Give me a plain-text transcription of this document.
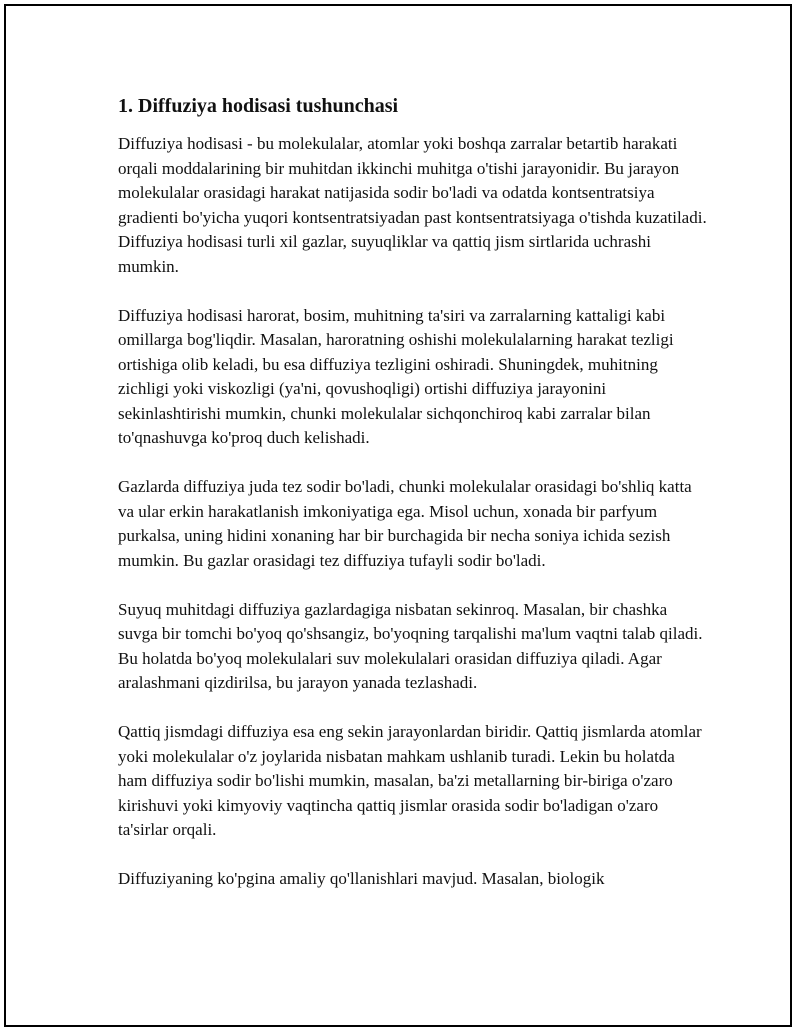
1. Diffuziya hodisasi tushunchasi

Diffuziya hodisasi - bu molekulalar, atomlar yoki boshqa zarralar betartib harakati orqali moddalarining bir muhitdan ikkinchi muhitga o'tishi jarayonidir. Bu jarayon molekulalar orasidagi harakat natijasida sodir bo'ladi va odatda kontsentratsiya gradienti bo'yicha yuqori kontsentratsiyadan past kontsentratsiyaga o'tishda kuzatiladi. Diffuziya hodisasi turli xil gazlar, suyuqliklar va qattiq jism sirtlarida uchrashi mumkin.

Diffuziya hodisasi harorat, bosim, muhitning ta'siri va zarralarning kattaligi kabi omillarga bog'liqdir. Masalan, haroratning oshishi molekulalarning harakat tezligi ortishiga olib keladi, bu esa diffuziya tezligini oshiradi. Shuningdek, muhitning zichligi yoki viskozligi (ya'ni, qovushoqligi) ortishi diffuziya jarayonini sekinlashtirishi mumkin, chunki molekulalar sichqonchiroq kabi zarralar bilan to'qnashuvga ko'proq duch kelishadi.

Gazlarda diffuziya juda tez sodir bo'ladi, chunki molekulalar orasidagi bo'shliq katta va ular erkin harakatlanish imkoniyatiga ega. Misol uchun, xonada bir parfyum purkalsa, uning hidini xonaning har bir burchagida bir necha soniya ichida sezish mumkin. Bu gazlar orasidagi tez diffuziya tufayli sodir bo'ladi.

Suyuq muhitdagi diffuziya gazlardagiga nisbatan sekinroq. Masalan, bir chashka suvga bir tomchi bo'yoq qo'shsangiz, bo'yoqning tarqalishi ma'lum vaqtni talab qiladi. Bu holatda bo'yoq molekulalari suv molekulalari orasidan diffuziya qiladi. Agar aralashmani qizdirilsa, bu jarayon yanada tezlashadi.

Qattiq jismdagi diffuziya esa eng sekin jarayonlardan biridir. Qattiq jismlarda atomlar yoki molekulalar o'z joylarida nisbatan mahkam ushlanib turadi. Lekin bu holatda ham diffuziya sodir bo'lishi mumkin, masalan, ba'zi metallarning bir-biriga o'zaro kirishuvi yoki kimyoviy vaqtincha qattiq jismlar orasida sodir bo'ladigan o'zaro ta'sirlar orqali.

Diffuziyaning ko'pgina amaliy qo'llanishlari mavjud. Masalan, biologik
